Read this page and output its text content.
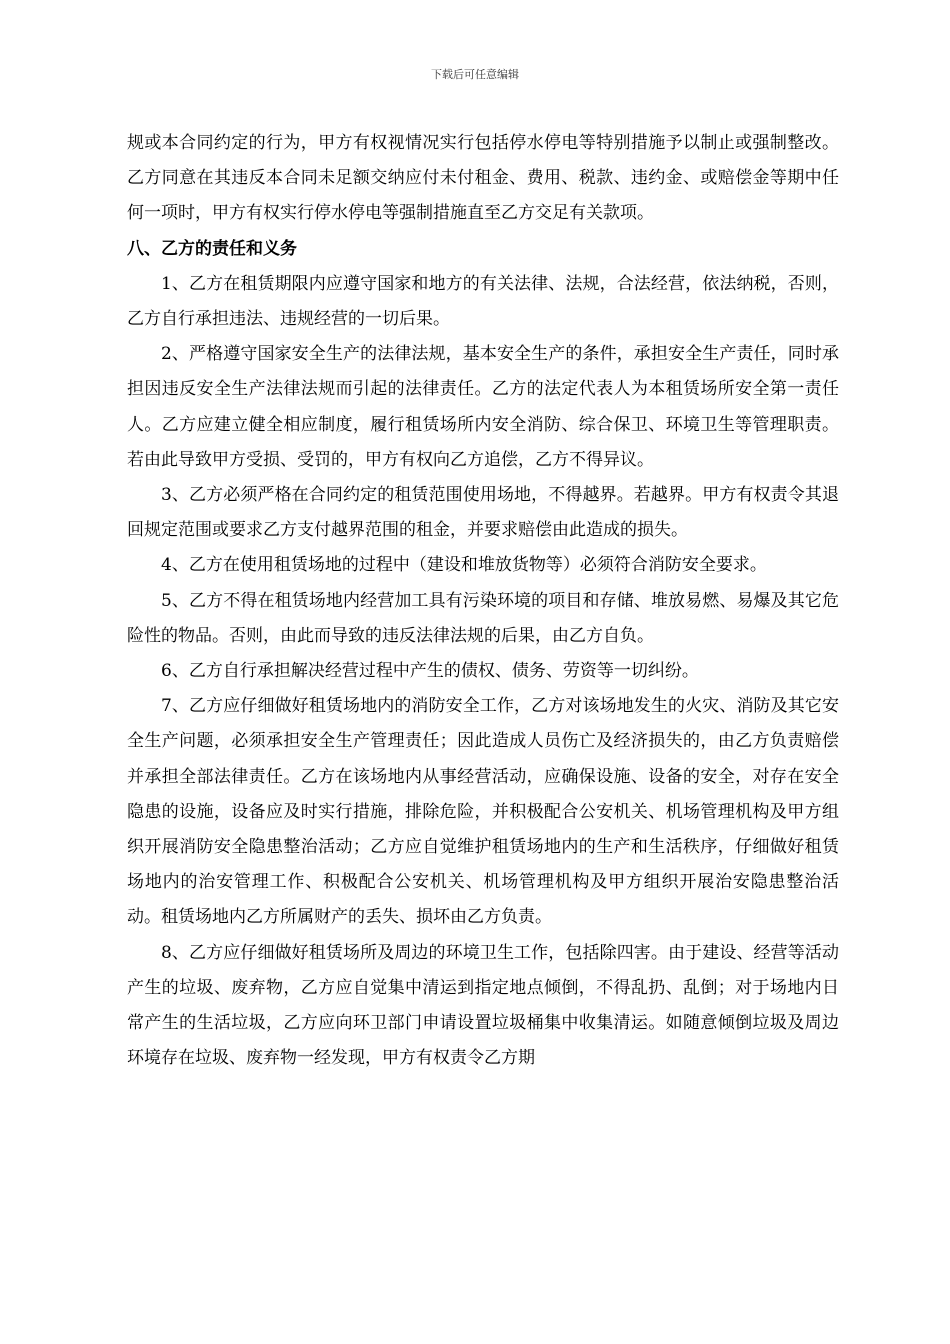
下载后可任意编辑

规或本合同约定的行为，甲方有权视情况实行包括停水停电等特别措施予以制止或强制整改。乙方同意在其违反本合同未足额交纳应付未付租金、费用、税款、违约金、或赔偿金等期中任何一项时，甲方有权实行停水停电等强制措施直至乙方交足有关款项。

八、乙方的责任和义务

1、乙方在租赁期限内应遵守国家和地方的有关法律、法规，合法经营，依法纳税，否则，乙方自行承担违法、违规经营的一切后果。

2、严格遵守国家安全生产的法律法规，基本安全生产的条件，承担安全生产责任，同时承担因违反安全生产法律法规而引起的法律责任。乙方的法定代表人为本租赁场所安全第一责任人。乙方应建立健全相应制度，履行租赁场所内安全消防、综合保卫、环境卫生等管理职责。若由此导致甲方受损、受罚的，甲方有权向乙方追偿，乙方不得异议。

3、乙方必须严格在合同约定的租赁范围使用场地，不得越界。若越界。甲方有权责令其退回规定范围或要求乙方支付越界范围的租金，并要求赔偿由此造成的损失。

4、乙方在使用租赁场地的过程中（建设和堆放货物等）必须符合消防安全要求。

5、乙方不得在租赁场地内经营加工具有污染环境的项目和存储、堆放易燃、易爆及其它危险性的物品。否则，由此而导致的违反法律法规的后果，由乙方自负。

6、乙方自行承担解决经营过程中产生的债权、债务、劳资等一切纠纷。

7、乙方应仔细做好租赁场地内的消防安全工作，乙方对该场地发生的火灾、消防及其它安全生产问题，必须承担安全生产管理责任；因此造成人员伤亡及经济损失的，由乙方负责赔偿并承担全部法律责任。乙方在该场地内从事经营活动，应确保设施、设备的安全，对存在安全隐患的设施，设备应及时实行措施，排除危险，并积极配合公安机关、机场管理机构及甲方组织开展消防安全隐患整治活动；乙方应自觉维护租赁场地内的生产和生活秩序，仔细做好租赁场地内的治安管理工作、积极配合公安机关、机场管理机构及甲方组织开展治安隐患整治活动。租赁场地内乙方所属财产的丢失、损坏由乙方负责。

8、乙方应仔细做好租赁场所及周边的环境卫生工作，包括除四害。由于建设、经营等活动产生的垃圾、废弃物，乙方应自觉集中清运到指定地点倾倒，不得乱扔、乱倒；对于场地内日常产生的生活垃圾，乙方应向环卫部门申请设置垃圾桶集中收集清运。如随意倾倒垃圾及周边环境存在垃圾、废弃物一经发现，甲方有权责令乙方期
